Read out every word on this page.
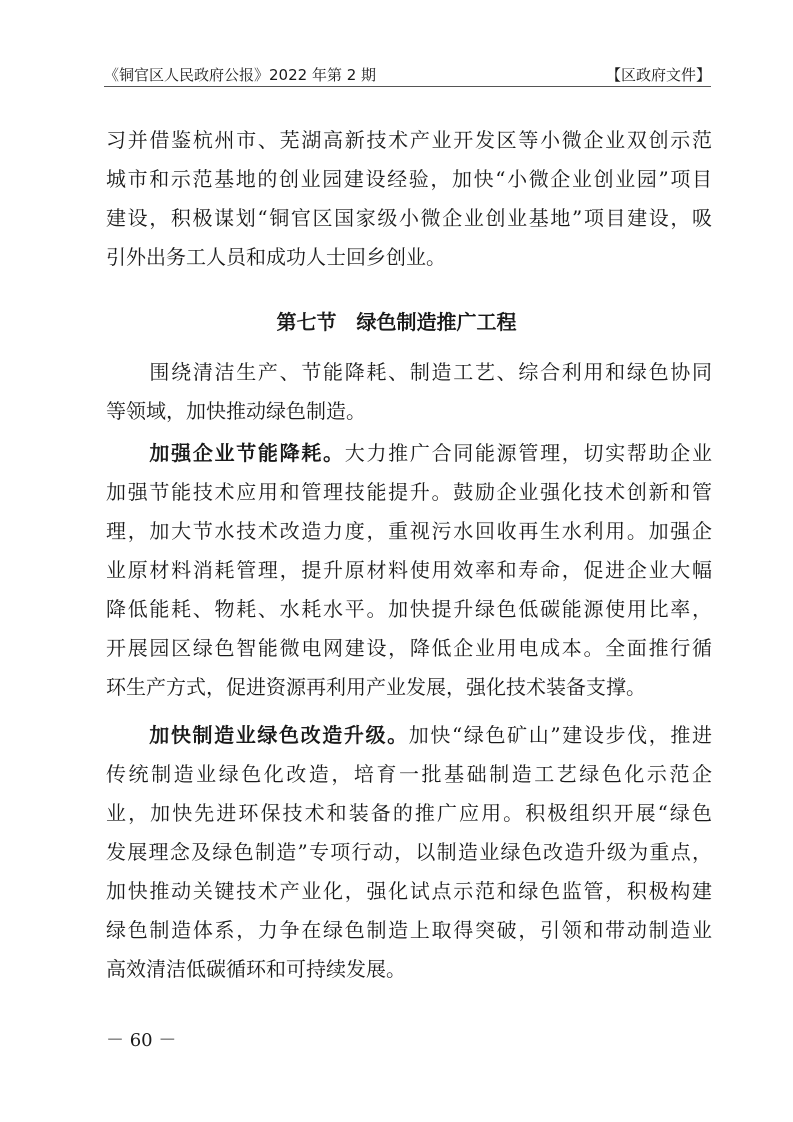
《铜官区人民政府公报》2022 年第 2 期	【区政府文件】
习并借鉴杭州市、芜湖高新技术产业开发区等小微企业双创示范
城市和示范基地的创业园建设经验，加快“小微企业创业园”项目
建设，积极谋划“铜官区国家级小微企业创业基地”项目建设，吸
引外出务工人员和成功人士回乡创业。
　　围绕清洁生产、节能降耗、制造工艺、综合利用和绿色协同
等领域，加快推动绿色制造。
　　加强企业节能降耗。大力推广合同能源管理，切实帮助企业
加强节能技术应用和管理技能提升。鼓励企业强化技术创新和管
理，加大节水技术改造力度，重视污水回收再生水利用。加强企
业原材料消耗管理，提升原材料使用效率和寿命，促进企业大幅
降低能耗、物耗、水耗水平。加快提升绿色低碳能源使用比率，
开展园区绿色智能微电网建设，降低企业用电成本。全面推行循
环生产方式，促进资源再利用产业发展，强化技术装备支撑。
　　加快制造业绿色改造升级。加快“绿色矿山”建设步伐，推进
传统制造业绿色化改造，培育一批基础制造工艺绿色化示范企
业，加快先进环保技术和装备的推广应用。积极组织开展“绿色
发展理念及绿色制造”专项行动，以制造业绿色改造升级为重点，
加快推动关键技术产业化，强化试点示范和绿色监管，积极构建
绿色制造体系，力争在绿色制造上取得突破，引领和带动制造业
高效清洁低碳循环和可持续发展。
第七节　绿色制造推广工程
－ 60 －
